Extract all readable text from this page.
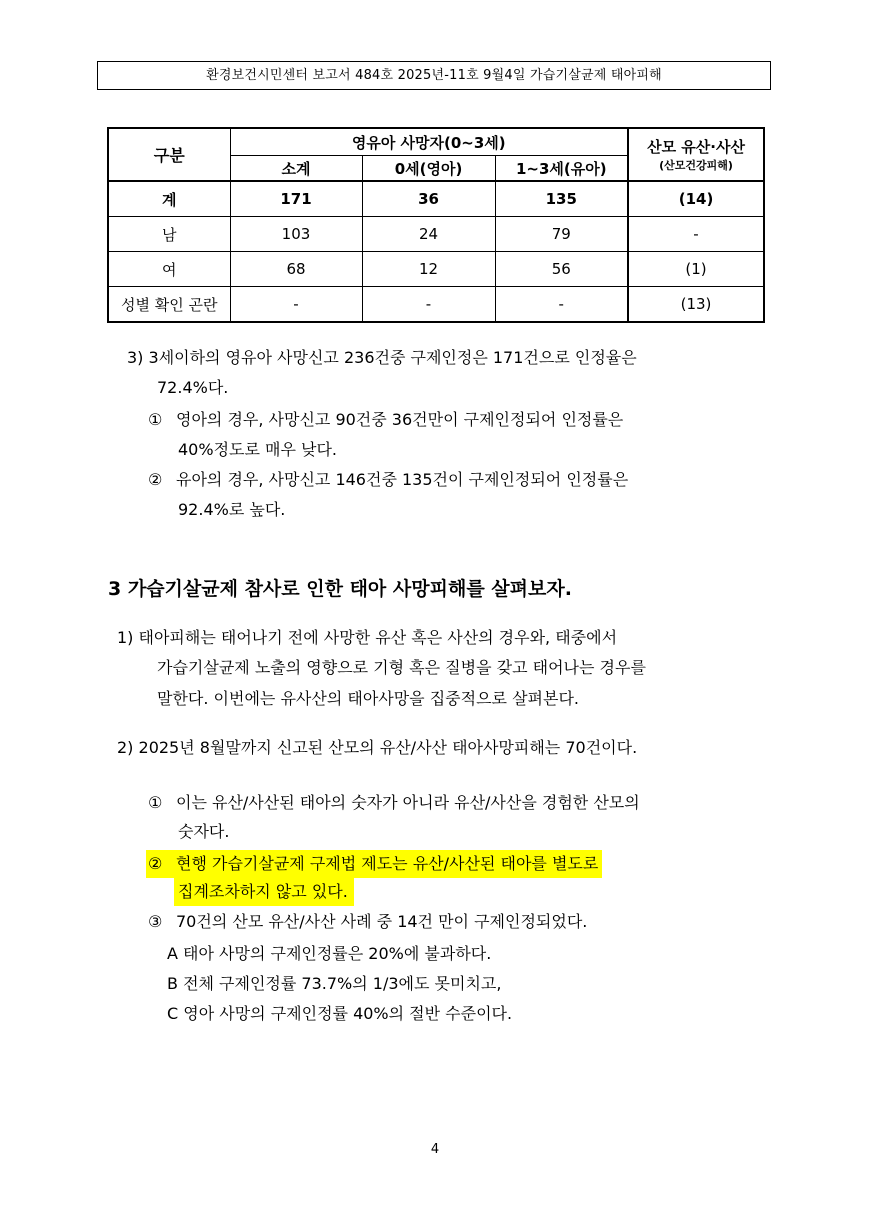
환경보건시민센터 보고서 484호 2025년-11호 9월4일 가습기살균제 태아피해
구분	영유아 사망자(0~3세)			산모 유산·사산
(산모건강피해)

	소계	0세(영아)	1~3세(유아)	
계	171	36	135	(14)
남	103	24	79	-
여	68	12	56	(1)
성별 확인 곤란	-	-	-	(13)
3) 3세이하의 영유아 사망신고 236건중 구제인정은 171건으로 인정율은
72.4%다.
① 영아의 경우, 사망신고 90건중 36건만이 구제인정되어 인정률은
40%정도로 매우 낮다.
② 유아의 경우, 사망신고 146건중 135건이 구제인정되어 인정률은
92.4%로 높다.
3 가습기살균제 참사로 인한 태아 사망피해를 살펴보자.
1) 태아피해는 태어나기 전에 사망한 유산 혹은 사산의 경우와, 태중에서
가습기살균제 노출의 영향으로 기형 혹은 질병을 갖고 태어나는 경우를
말한다. 이번에는 유사산의 태아사망을 집중적으로 살펴본다.
2) 2025년 8월말까지 신고된 산모의 유산/사산 태아사망피해는 70건이다.
① 이는 유산/사산된 태아의 숫자가 아니라 유산/사산을 경험한 산모의
숫자다.
② 현행 가습기살균제 구제법 제도는 유산/사산된 태아를 별도로
집계조차하지 않고 있다.
③ 70건의 산모 유산/사산 사례 중 14건 만이 구제인정되었다.
A 태아 사망의 구제인정률은 20%에 불과하다.
B 전체 구제인정률 73.7%의 1/3에도 못미치고,
C 영아 사망의 구제인정률 40%의 절반 수준이다.
4
